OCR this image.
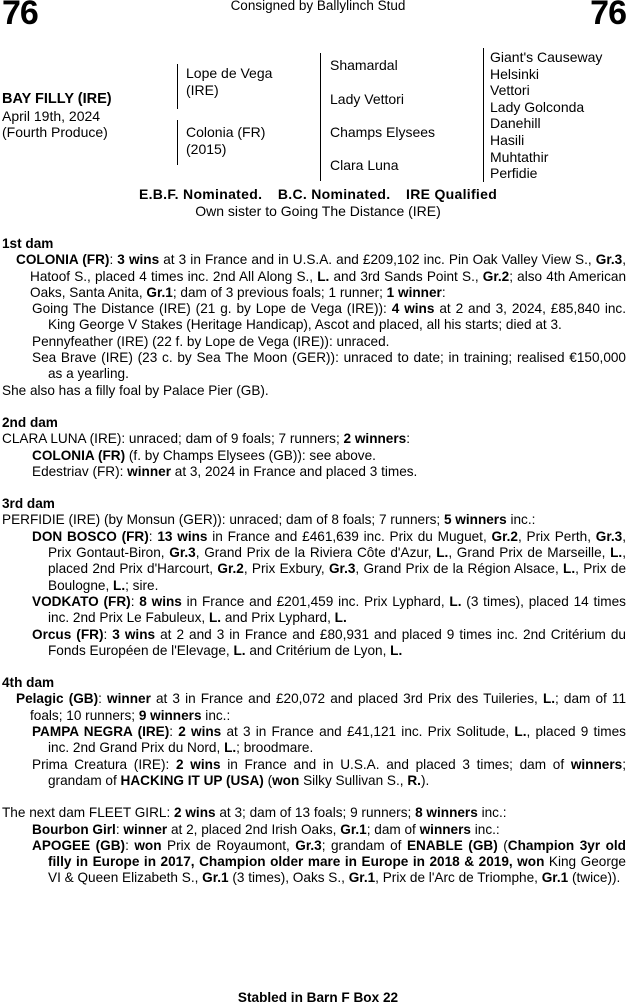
76	76
Consigned by Ballylinch Stud
BAY FILLY (IRE)
April 19th, 2024
(Fourth Produce)
Lope de Vega
(IRE)
Colonia (FR)
(2015)
Shamardal
Lady Vettori
Champs Elysees
Clara Luna
Giant's Causeway
Helsinki
Vettori
Lady Golconda
Danehill
Hasili
Muhtathir
Perfidie
E.B.F. Nominated. B.C. Nominated. IRE Qualified
Own sister to Going The Distance (IRE)

1st dam

COLONIA (FR): 3 wins at 3 in France and in U.S.A. and £209,102 inc. Pin Oak Valley View S., Gr.3, Hatoof S., placed 4 times inc. 2nd All Along S., L. and 3rd Sands Point S., Gr.2; also 4th American Oaks, Santa Anita, Gr.1; dam of 3 previous foals; 1 runner; 1 winner:

Going The Distance (IRE) (21 g. by Lope de Vega (IRE)): 4 wins at 2 and 3, 2024, £85,840 inc. King George V Stakes (Heritage Handicap), Ascot and placed, all his starts; died at 3.

Pennyfeather (IRE) (22 f. by Lope de Vega (IRE)): unraced.

Sea Brave (IRE) (23 c. by Sea The Moon (GER)): unraced to date; in training; realised €150,000 as a yearling.

She also has a filly foal by Palace Pier (GB).

2nd dam

CLARA LUNA (IRE): unraced; dam of 9 foals; 7 runners; 2 winners:

COLONIA (FR) (f. by Champs Elysees (GB)): see above.

Edestriav (FR): winner at 3, 2024 in France and placed 3 times.

3rd dam

PERFIDIE (IRE) (by Monsun (GER)): unraced; dam of 8 foals; 7 runners; 5 winners inc.:

DON BOSCO (FR): 13 wins in France and £461,639 inc. Prix du Muguet, Gr.2, Prix Perth, Gr.3, Prix Gontaut-Biron, Gr.3, Grand Prix de la Riviera Côte d'Azur, L., Grand Prix de Marseille, L., placed 2nd Prix d'Harcourt, Gr.2, Prix Exbury, Gr.3, Grand Prix de la Région Alsace, L., Prix de Boulogne, L.; sire.

VODKATO (FR): 8 wins in France and £201,459 inc. Prix Lyphard, L. (3 times), placed 14 times inc. 2nd Prix Le Fabuleux, L. and Prix Lyphard, L.

Orcus (FR): 3 wins at 2 and 3 in France and £80,931 and placed 9 times inc. 2nd Critérium du Fonds Européen de l'Elevage, L. and Critérium de Lyon, L.

4th dam

Pelagic (GB): winner at 3 in France and £20,072 and placed 3rd Prix des Tuileries, L.; dam of 11 foals; 10 runners; 9 winners inc.:

PAMPA NEGRA (IRE): 2 wins at 3 in France and £41,121 inc. Prix Solitude, L., placed 9 times inc. 2nd Grand Prix du Nord, L.; broodmare.

Prima Creatura (IRE): 2 wins in France and in U.S.A. and placed 3 times; dam of winners; grandam of HACKING IT UP (USA) (won Silky Sullivan S., R.).

The next dam FLEET GIRL: 2 wins at 3; dam of 13 foals; 9 runners; 8 winners inc.:

Bourbon Girl: winner at 2, placed 2nd Irish Oaks, Gr.1; dam of winners inc.:

APOGEE (GB): won Prix de Royaumont, Gr.3; grandam of ENABLE (GB) (Champion 3yr old filly in Europe in 2017, Champion older mare in Europe in 2018 & 2019, won King George VI & Queen Elizabeth S., Gr.1 (3 times), Oaks S., Gr.1, Prix de l'Arc de Triomphe, Gr.1 (twice)).

Stabled in Barn F Box 22
